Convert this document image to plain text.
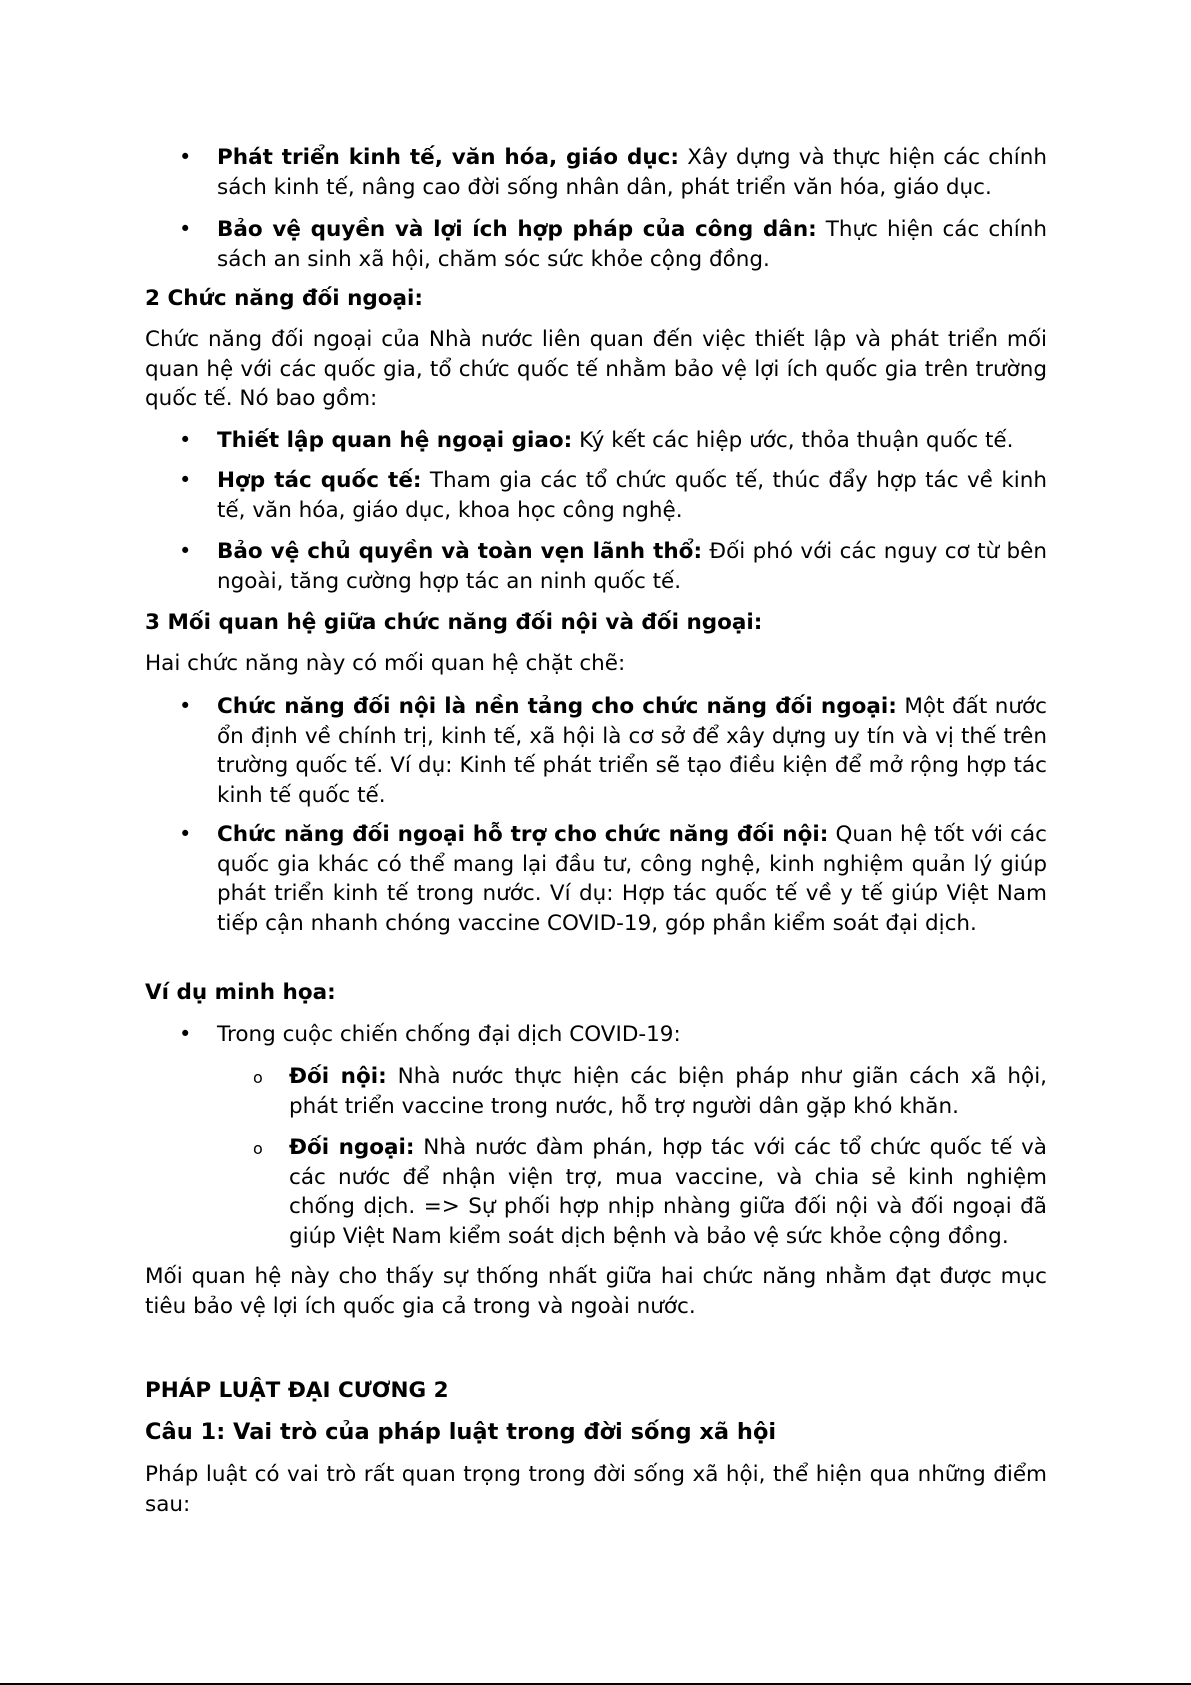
• Phát triển kinh tế, văn hóa, giáo dục: Xây dựng và thực hiện các chính sách kinh tế, nâng cao đời sống nhân dân, phát triển văn hóa, giáo dục.

• Bảo vệ quyền và lợi ích hợp pháp của công dân: Thực hiện các chính sách an sinh xã hội, chăm sóc sức khỏe cộng đồng.

2 Chức năng đối ngoại:

Chức năng đối ngoại của Nhà nước liên quan đến việc thiết lập và phát triển mối quan hệ với các quốc gia, tổ chức quốc tế nhằm bảo vệ lợi ích quốc gia trên trường quốc tế. Nó bao gồm:

• Thiết lập quan hệ ngoại giao: Ký kết các hiệp ước, thỏa thuận quốc tế.

• Hợp tác quốc tế: Tham gia các tổ chức quốc tế, thúc đẩy hợp tác về kinh tế, văn hóa, giáo dục, khoa học công nghệ.

• Bảo vệ chủ quyền và toàn vẹn lãnh thổ: Đối phó với các nguy cơ từ bên ngoài, tăng cường hợp tác an ninh quốc tế.

3 Mối quan hệ giữa chức năng đối nội và đối ngoại:

Hai chức năng này có mối quan hệ chặt chẽ:

• Chức năng đối nội là nền tảng cho chức năng đối ngoại: Một đất nước ổn định về chính trị, kinh tế, xã hội là cơ sở để xây dựng uy tín và vị thế trên trường quốc tế. Ví dụ: Kinh tế phát triển sẽ tạo điều kiện để mở rộng hợp tác kinh tế quốc tế.

• Chức năng đối ngoại hỗ trợ cho chức năng đối nội: Quan hệ tốt với các quốc gia khác có thể mang lại đầu tư, công nghệ, kinh nghiệm quản lý giúp phát triển kinh tế trong nước. Ví dụ: Hợp tác quốc tế về y tế giúp Việt Nam tiếp cận nhanh chóng vaccine COVID-19, góp phần kiểm soát đại dịch.

Ví dụ minh họa:

• Trong cuộc chiến chống đại dịch COVID-19:

o Đối nội: Nhà nước thực hiện các biện pháp như giãn cách xã hội, phát triển vaccine trong nước, hỗ trợ người dân gặp khó khăn.

o Đối ngoại: Nhà nước đàm phán, hợp tác với các tổ chức quốc tế và các nước để nhận viện trợ, mua vaccine, và chia sẻ kinh nghiệm chống dịch. => Sự phối hợp nhịp nhàng giữa đối nội và đối ngoại đã giúp Việt Nam kiểm soát dịch bệnh và bảo vệ sức khỏe cộng đồng.

Mối quan hệ này cho thấy sự thống nhất giữa hai chức năng nhằm đạt được mục tiêu bảo vệ lợi ích quốc gia cả trong và ngoài nước.

PHÁP LUẬT ĐẠI CƯƠNG 2

Câu 1: Vai trò của pháp luật trong đời sống xã hội

Pháp luật có vai trò rất quan trọng trong đời sống xã hội, thể hiện qua những điểm sau:
